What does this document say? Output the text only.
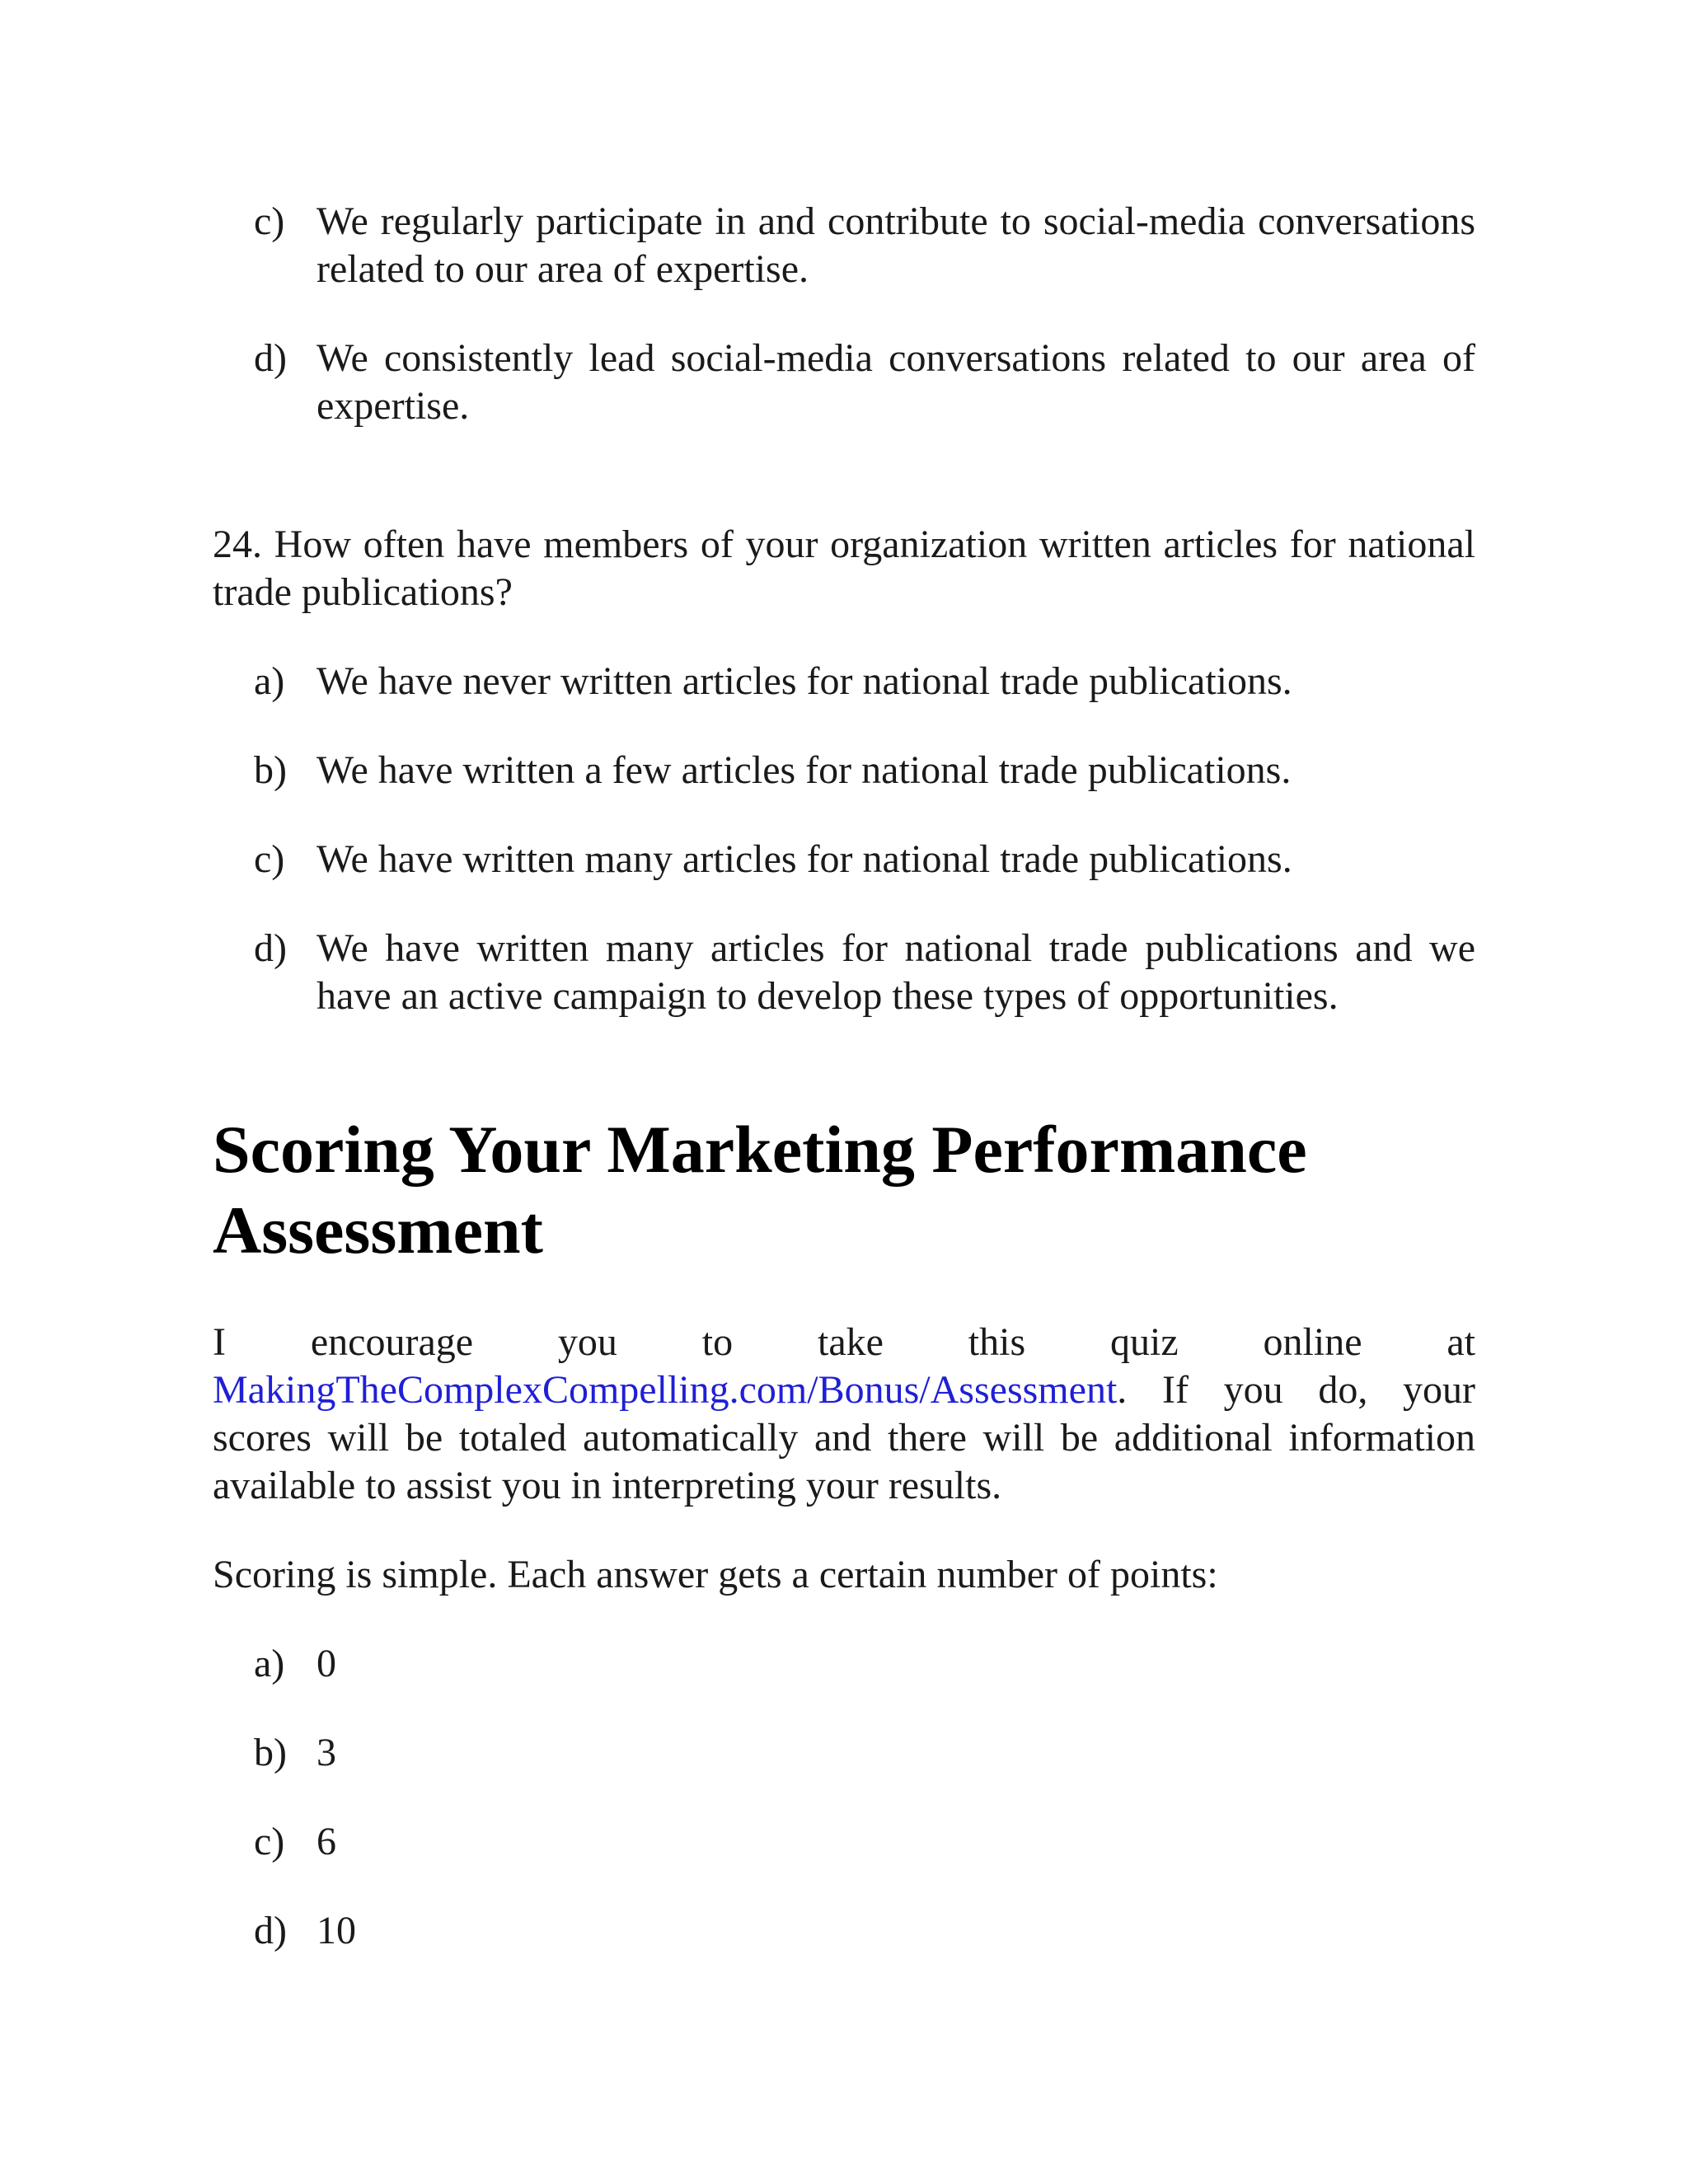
c) We regularly participate in and contribute to social-media conversations related to our area of expertise.
d) We consistently lead social-media conversations related to our area of expertise.
24. How often have members of your organization written articles for national trade publications?
a) We have never written articles for national trade publications.
b) We have written a few articles for national trade publications.
c) We have written many articles for national trade publications.
d) We have written many articles for national trade publications and we have an active campaign to develop these types of opportunities.
Scoring Your Marketing Performance Assessment

I encourage you to take this quiz online at MakingTheComplexCompelling.com/Bonus/Assessment. If you do, your scores will be totaled automatically and there will be additional information available to assist you in interpreting your results.

Scoring is simple. Each answer gets a certain number of points:

a) 0
b) 3
c) 6
d) 10
